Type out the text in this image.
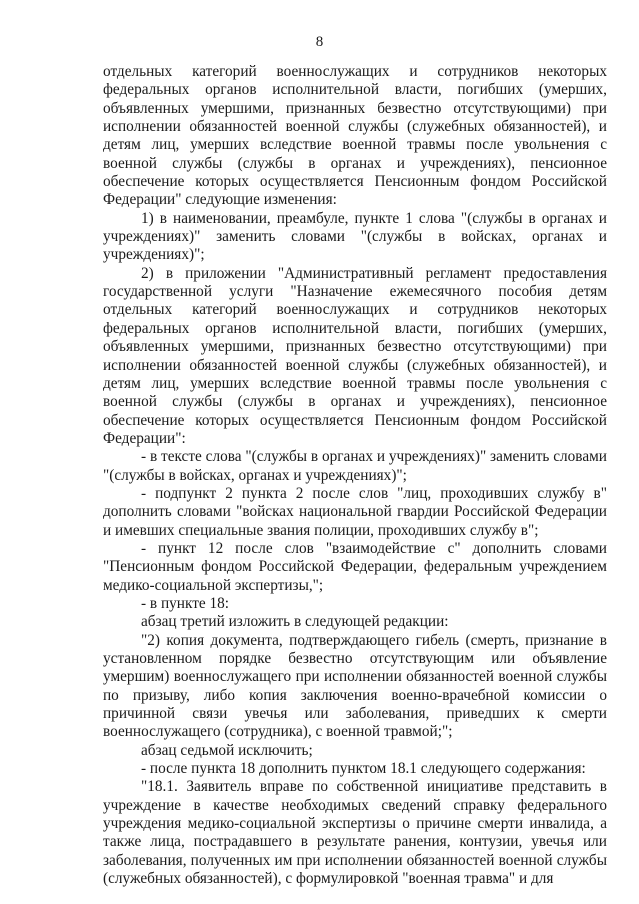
8

отдельных категорий военнослужащих и сотрудников некоторых федеральных органов исполнительной власти, погибших (умерших, объявленных умершими, признанных безвестно отсутствующими) при исполнении обязанностей военной службы (служебных обязанностей), и детям лиц, умерших вследствие военной травмы после увольнения с военной службы (службы в органах и учреждениях), пенсионное обеспечение которых осуществляется Пенсионным фондом Российской Федерации" следующие изменения:

1) в наименовании, преамбуле, пункте 1 слова "(службы в органах и учреждениях)" заменить словами "(службы в войсках, органах и учреждениях)";

2) в приложении "Административный регламент предоставления государственной услуги "Назначение ежемесячного пособия детям отдельных категорий военнослужащих и сотрудников некоторых федеральных органов исполнительной власти, погибших (умерших, объявленных умершими, признанных безвестно отсутствующими) при исполнении обязанностей военной службы (служебных обязанностей), и детям лиц, умерших вследствие военной травмы после увольнения с военной службы (службы в органах и учреждениях), пенсионное обеспечение которых осуществляется Пенсионным фондом Российской Федерации":

- в тексте слова "(службы в органах и учреждениях)" заменить словами "(службы в войсках, органах и учреждениях)";

- подпункт 2 пункта 2 после слов "лиц, проходивших службу в" дополнить словами "войсках национальной гвардии Российской Федерации и имевших специальные звания полиции, проходивших службу в";

- пункт 12 после слов "взаимодействие с" дополнить словами "Пенсионным фондом Российской Федерации, федеральным учреждением медико-социальной экспертизы,";

- в пункте 18:

абзац третий изложить в следующей редакции:

"2) копия документа, подтверждающего гибель (смерть, признание в установленном порядке безвестно отсутствующим или объявление умершим) военнослужащего при исполнении обязанностей военной службы по призыву, либо копия заключения военно-врачебной комиссии о причинной связи увечья или заболевания, приведших к смерти военнослужащего (сотрудника), с военной травмой;";

абзац седьмой исключить;

- после пункта 18 дополнить пунктом 18.1 следующего содержания:

"18.1. Заявитель вправе по собственной инициативе представить в учреждение в качестве необходимых сведений справку федерального учреждения медико-социальной экспертизы о причине смерти инвалида, а также лица, пострадавшего в результате ранения, контузии, увечья или заболевания, полученных им при исполнении обязанностей военной службы (служебных обязанностей), с формулировкой "военная травма" и для
